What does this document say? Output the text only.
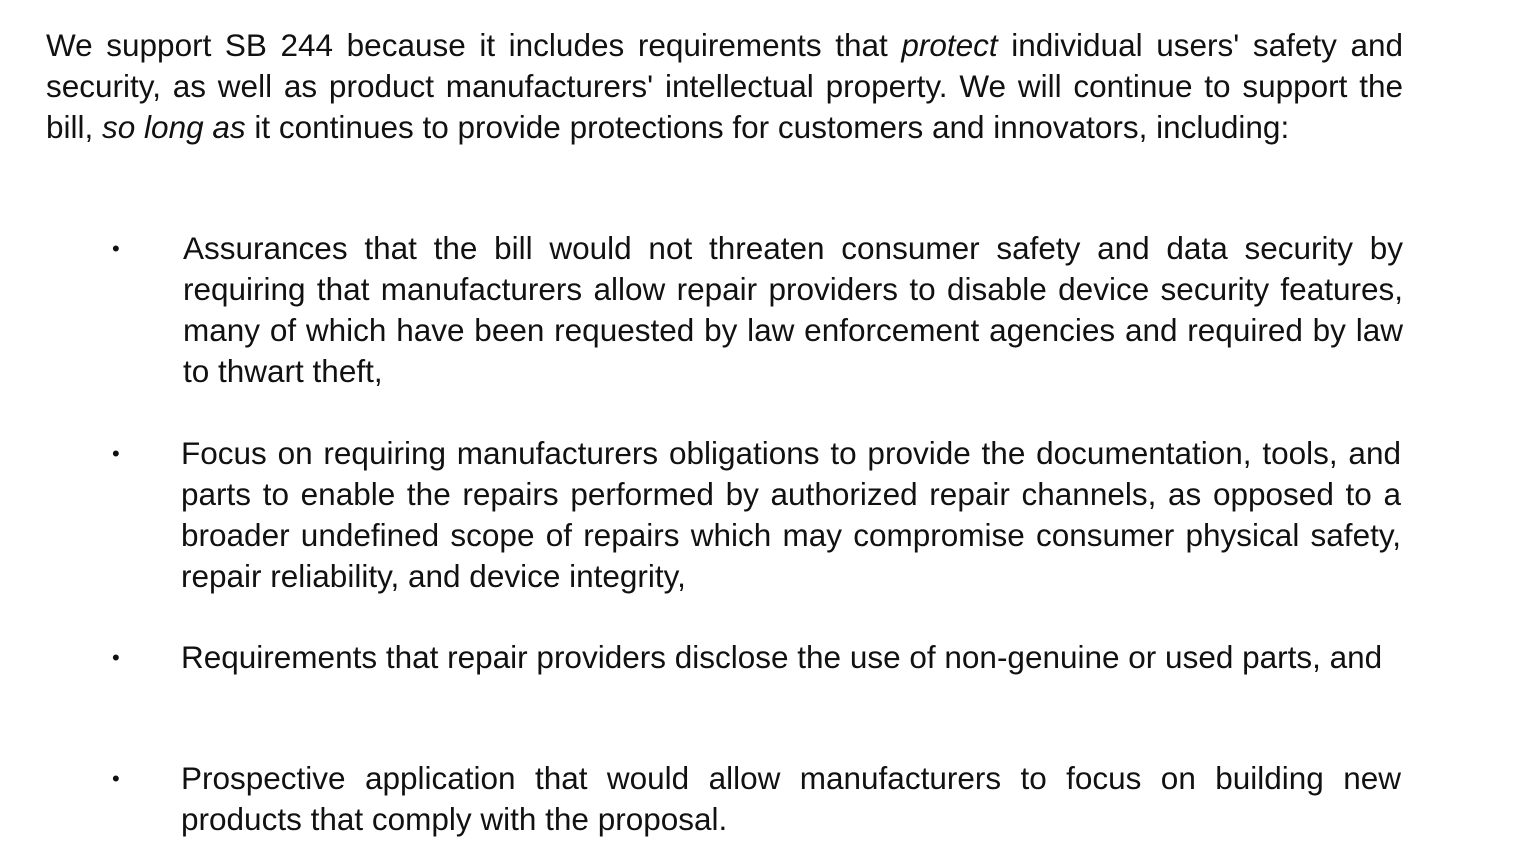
We support SB 244 because it includes requirements that protect individual users' safety and security, as well as product manufacturers' intellectual property. We will continue to support the bill, so long as it continues to provide protections for customers and innovators, including:

• Assurances that the bill would not threaten consumer safety and data security by requiring that manufacturers allow repair providers to disable device security features, many of which have been requested by law enforcement agencies and required by law to thwart theft,

• Focus on requiring manufacturers obligations to provide the documentation, tools, and parts to enable the repairs performed by authorized repair channels, as opposed to a broader undefined scope of repairs which may compromise consumer physical safety, repair reliability, and device integrity,

• Requirements that repair providers disclose the use of non-genuine or used parts, and

• Prospective application that would allow manufacturers to focus on building new products that comply with the proposal.
